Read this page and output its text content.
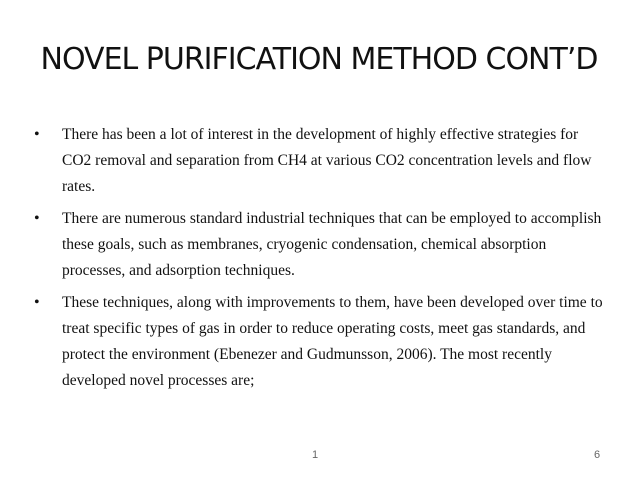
NOVEL PURIFICATION METHOD CONT’D
• There has been a lot of interest in the development of highly effective strategies for CO2 removal and separation from CH4 at various CO2 concentration levels and flow rates.
• There are numerous standard industrial techniques that can be employed to accomplish these goals, such as membranes, cryogenic condensation, chemical absorption processes, and adsorption techniques.
• These techniques, along with improvements to them, have been developed over time to treat specific types of gas in order to reduce operating costs, meet gas standards, and protect the environment (Ebenezer and Gudmunsson, 2006). The most recently developed novel processes are;
1	6
